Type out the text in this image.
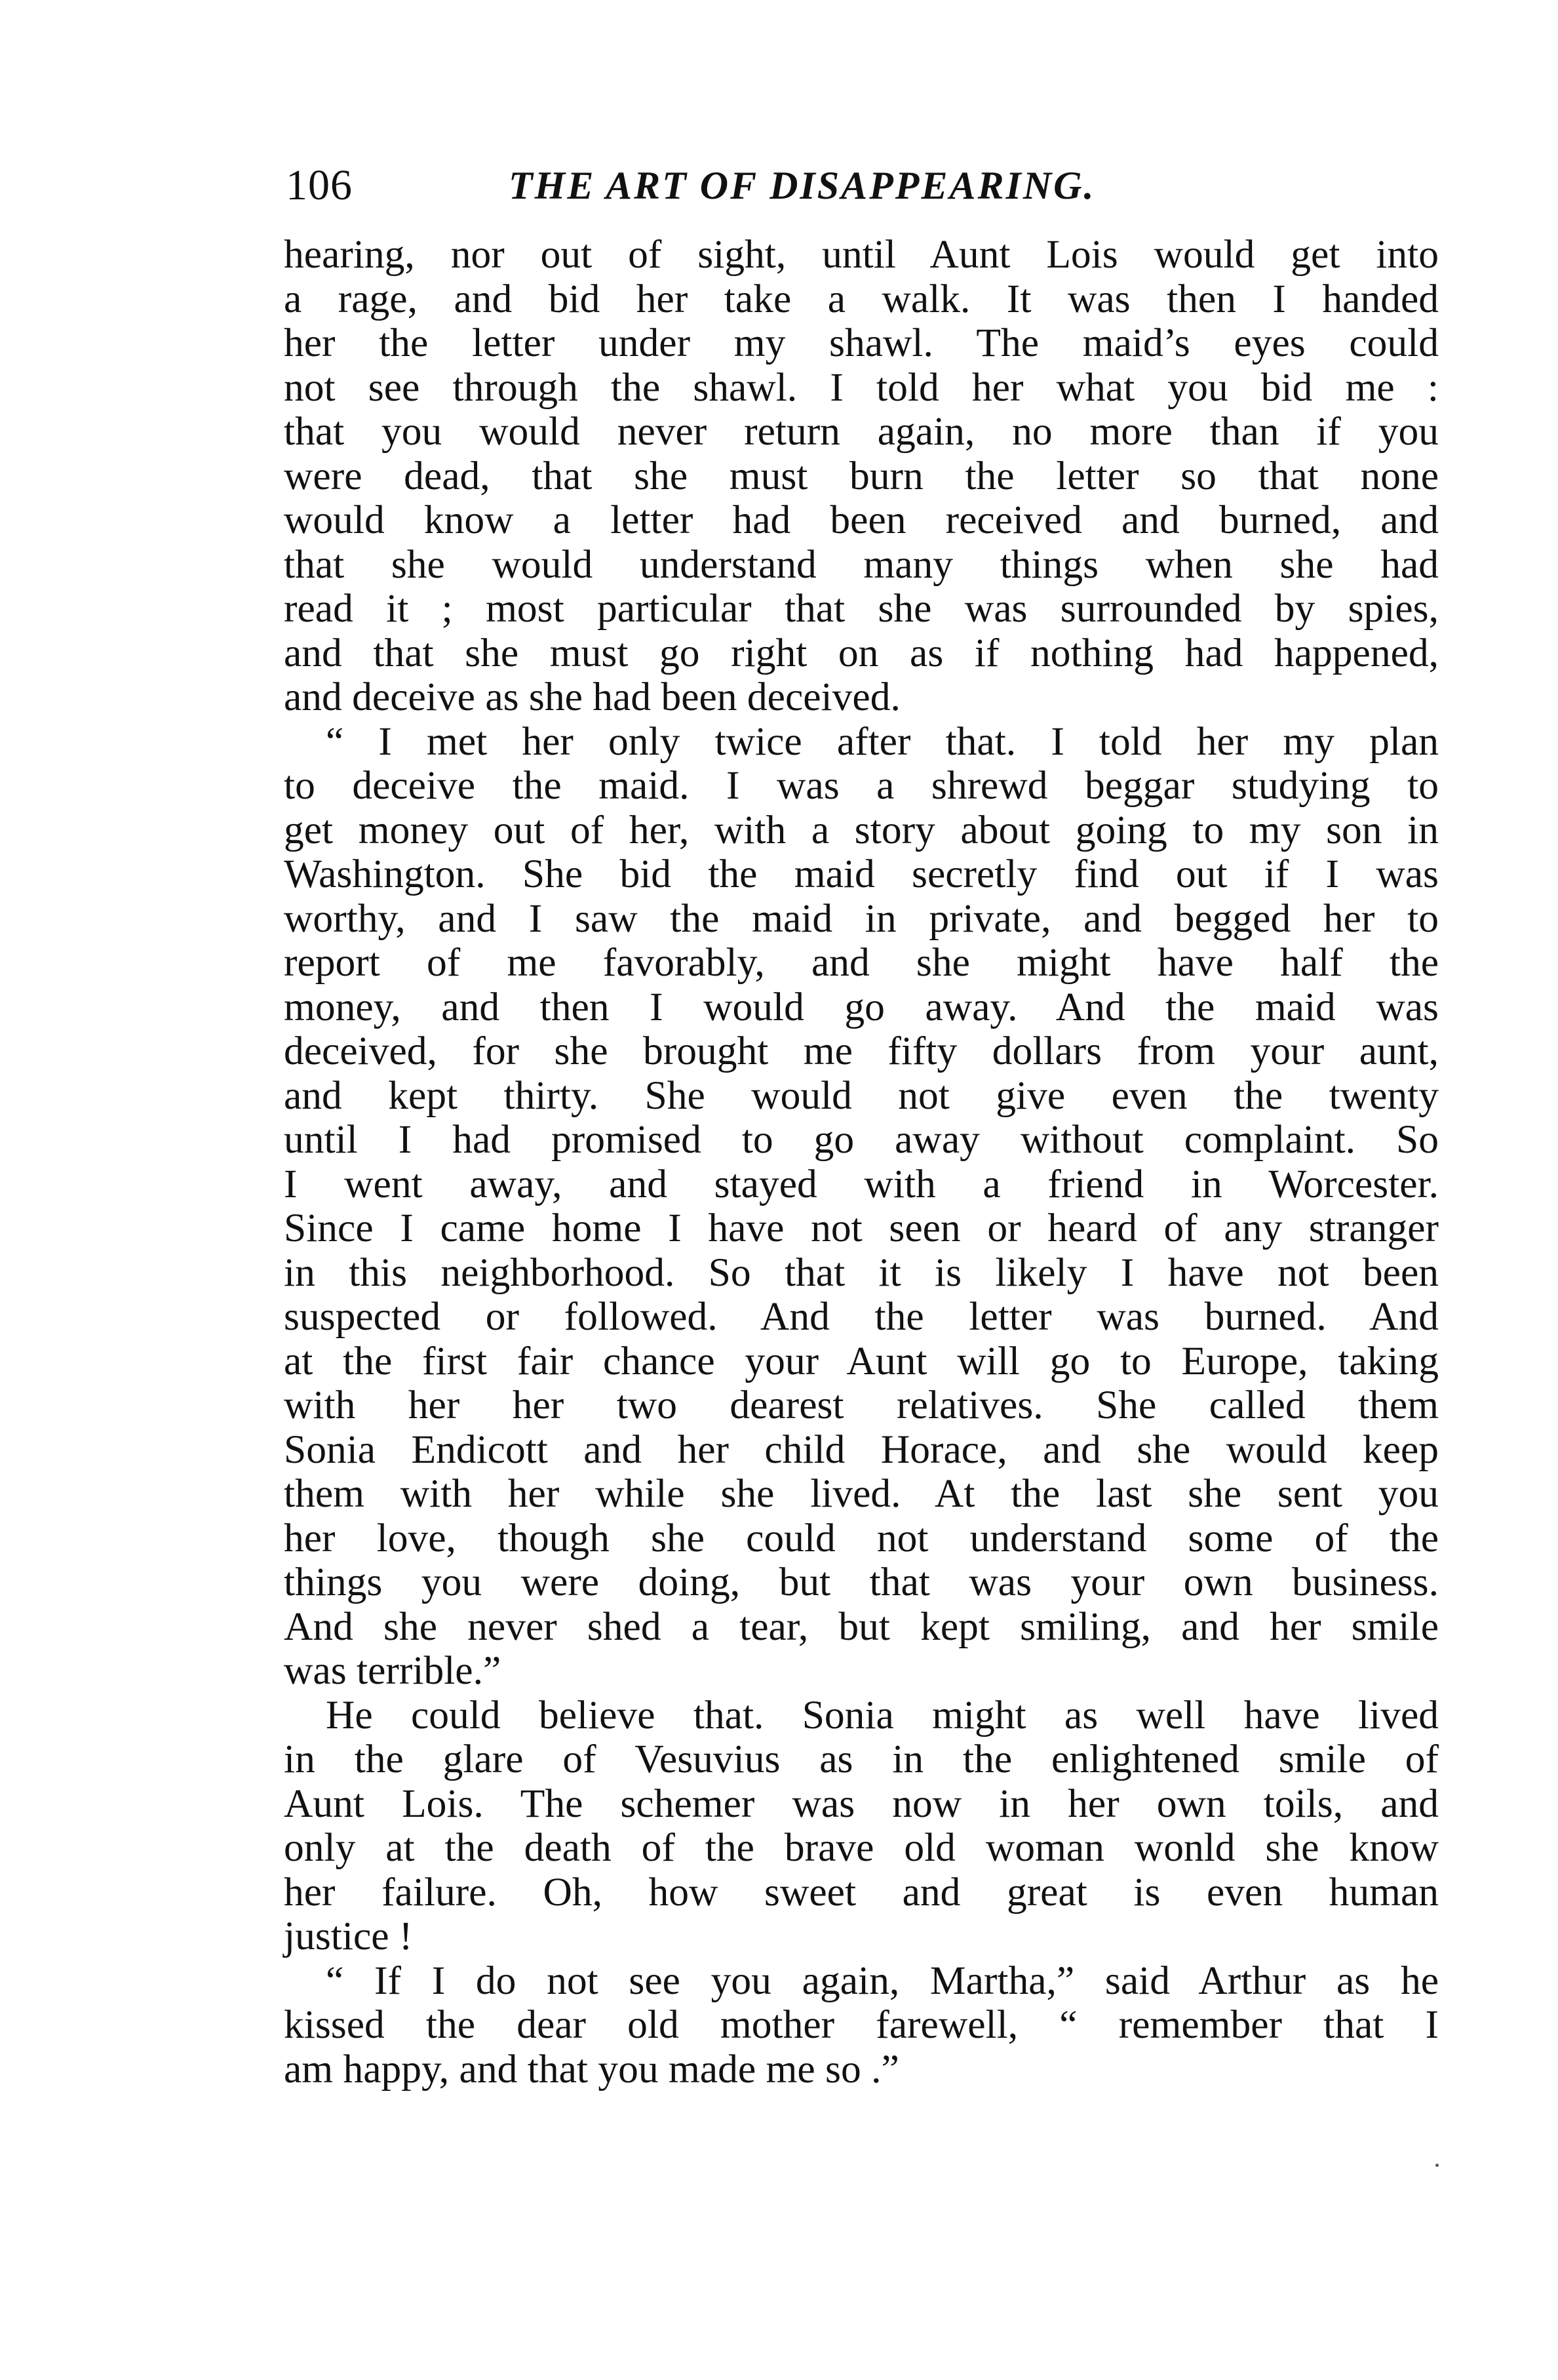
106	THE ART OF DISAPPEARING.
hearing, nor out of sight, until Aunt Lois would get into
a rage, and bid her take a walk. It was then I handed
her the letter under my shawl. The maid’s eyes could
not see through the shawl. I told her what you bid me :
that you would never return again, no more than if you
were dead, that she must burn the letter so that none
would know a letter had been received and burned, and
that she would understand many things when she had
read it ; most particular that she was surrounded by spies,
and that she must go right on as if nothing had happened,
and deceive as she had been deceived.
“ I met her only twice after that. I told her my plan
to deceive the maid. I was a shrewd beggar studying to
get money out of her, with a story about going to my son in
Washington. She bid the maid secretly find out if I was
worthy, and I saw the maid in private, and begged her to
report of me favorably, and she might have half the
money, and then I would go away. And the maid was
deceived, for she brought me fifty dollars from your aunt,
and kept thirty. She would not give even the twenty
until I had promised to go away without complaint. So
I went away, and stayed with a friend in Worcester.
Since I came home I have not seen or heard of any stranger
in this neighborhood. So that it is likely I have not been
suspected or followed. And the letter was burned. And
at the first fair chance your Aunt will go to Europe, taking
with her her two dearest relatives. She called them
Sonia Endicott and her child Horace, and she would keep
them with her while she lived. At the last she sent you
her love, though she could not understand some of the
things you were doing, but that was your own business.
And she never shed a tear, but kept smiling, and her smile
was terrible.”
He could believe that. Sonia might as well have lived
in the glare of Vesuvius as in the enlightened smile of
Aunt Lois. The schemer was now in her own toils, and
only at the death of the brave old woman wonld she know
her failure. Oh, how sweet and great is even human
justice !
“ If I do not see you again, Martha,” said Arthur as he
kissed the dear old mother farewell, “ remember that I
am happy, and that you made me so .”
